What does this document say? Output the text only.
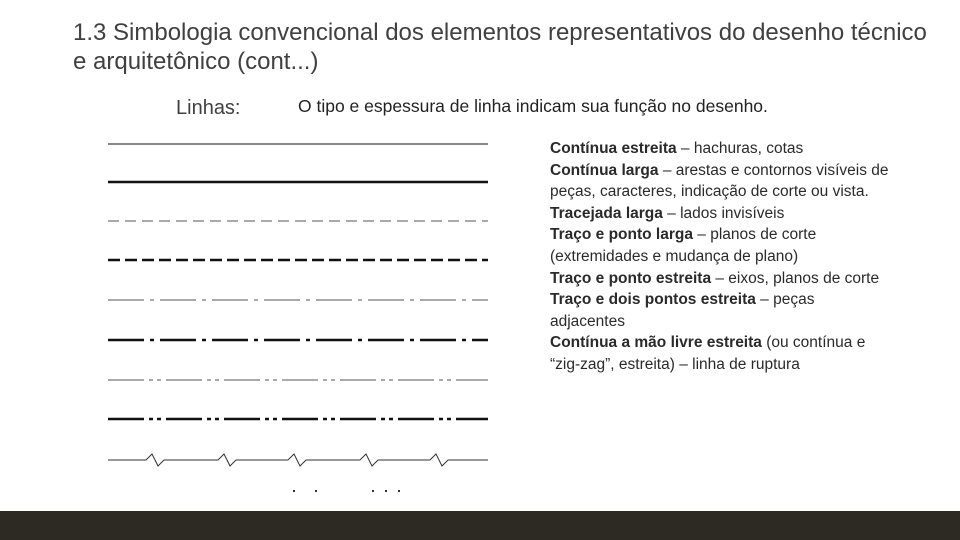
1.3 Simbologia convencional dos elementos representativos do desenho técnico e arquitetônico (cont...)
Linhas:	O tipo e espessura de linha indicam sua função no desenho.
Contínua estreita – hachuras, cotas
Contínua larga – arestas e contornos visíveis de peças, caracteres, indicação de corte ou vista.
Tracejada larga – lados invisíveis
Traço e ponto larga – planos de corte (extremidades e mudança de plano)
Traço e ponto estreita – eixos, planos de corte
Traço e dois pontos estreita – peças adjacentes
Contínua a mão livre estreita (ou contínua e “zig-zag”, estreita) – linha de ruptura
